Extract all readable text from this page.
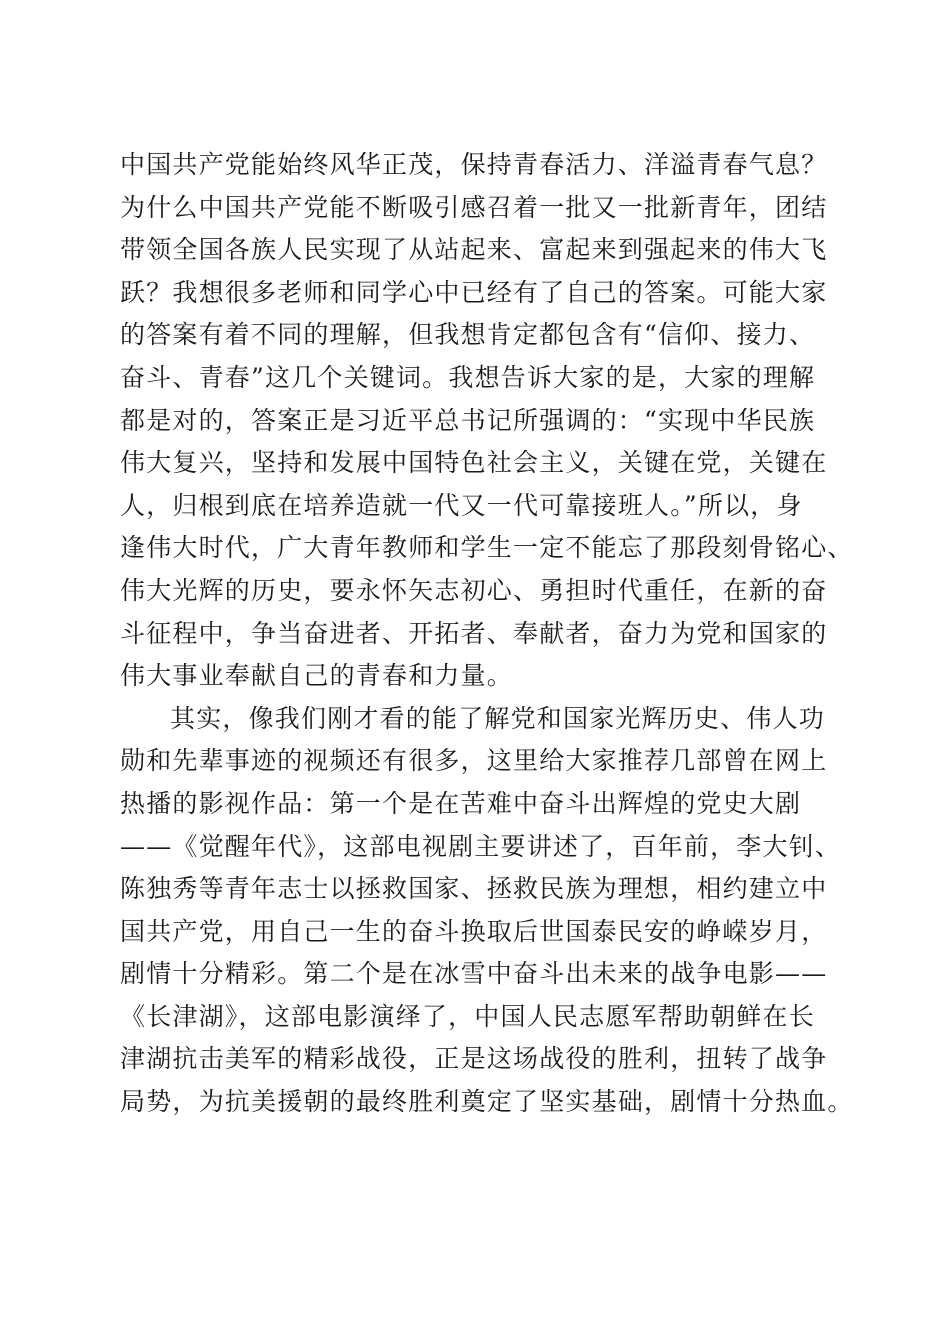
中国共产党能始终风华正茂，保持青春活力、洋溢青春气息？
为什么中国共产党能不断吸引感召着一批又一批新青年，团结
带领全国各族人民实现了从站起来、富起来到强起来的伟大飞
跃？我想很多老师和同学心中已经有了自己的答案。可能大家
的答案有着不同的理解，但我想肯定都包含有“信仰、接力、
奋斗、青春”这几个关键词。我想告诉大家的是，大家的理解
都是对的，答案正是习近平总书记所强调的：“实现中华民族
伟大复兴，坚持和发展中国特色社会主义，关键在党，关键在
人，归根到底在培养造就一代又一代可靠接班人。”所以，身
逢伟大时代，广大青年教师和学生一定不能忘了那段刻骨铭心、
伟大光辉的历史，要永怀矢志初心、勇担时代重任，在新的奋
斗征程中，争当奋进者、开拓者、奉献者，奋力为党和国家的
伟大事业奉献自己的青春和力量。
其实，像我们刚才看的能了解党和国家光辉历史、伟人功
勋和先辈事迹的视频还有很多，这里给大家推荐几部曾在网上
热播的影视作品：第一个是在苦难中奋斗出辉煌的党史大剧
——《觉醒年代》，这部电视剧主要讲述了，百年前，李大钊、
陈独秀等青年志士以拯救国家、拯救民族为理想，相约建立中
国共产党，用自己一生的奋斗换取后世国泰民安的峥嵘岁月，
剧情十分精彩。第二个是在冰雪中奋斗出未来的战争电影——
《长津湖》，这部电影演绎了，中国人民志愿军帮助朝鲜在长
津湖抗击美军的精彩战役，正是这场战役的胜利，扭转了战争
局势，为抗美援朝的最终胜利奠定了坚实基础，剧情十分热血。
